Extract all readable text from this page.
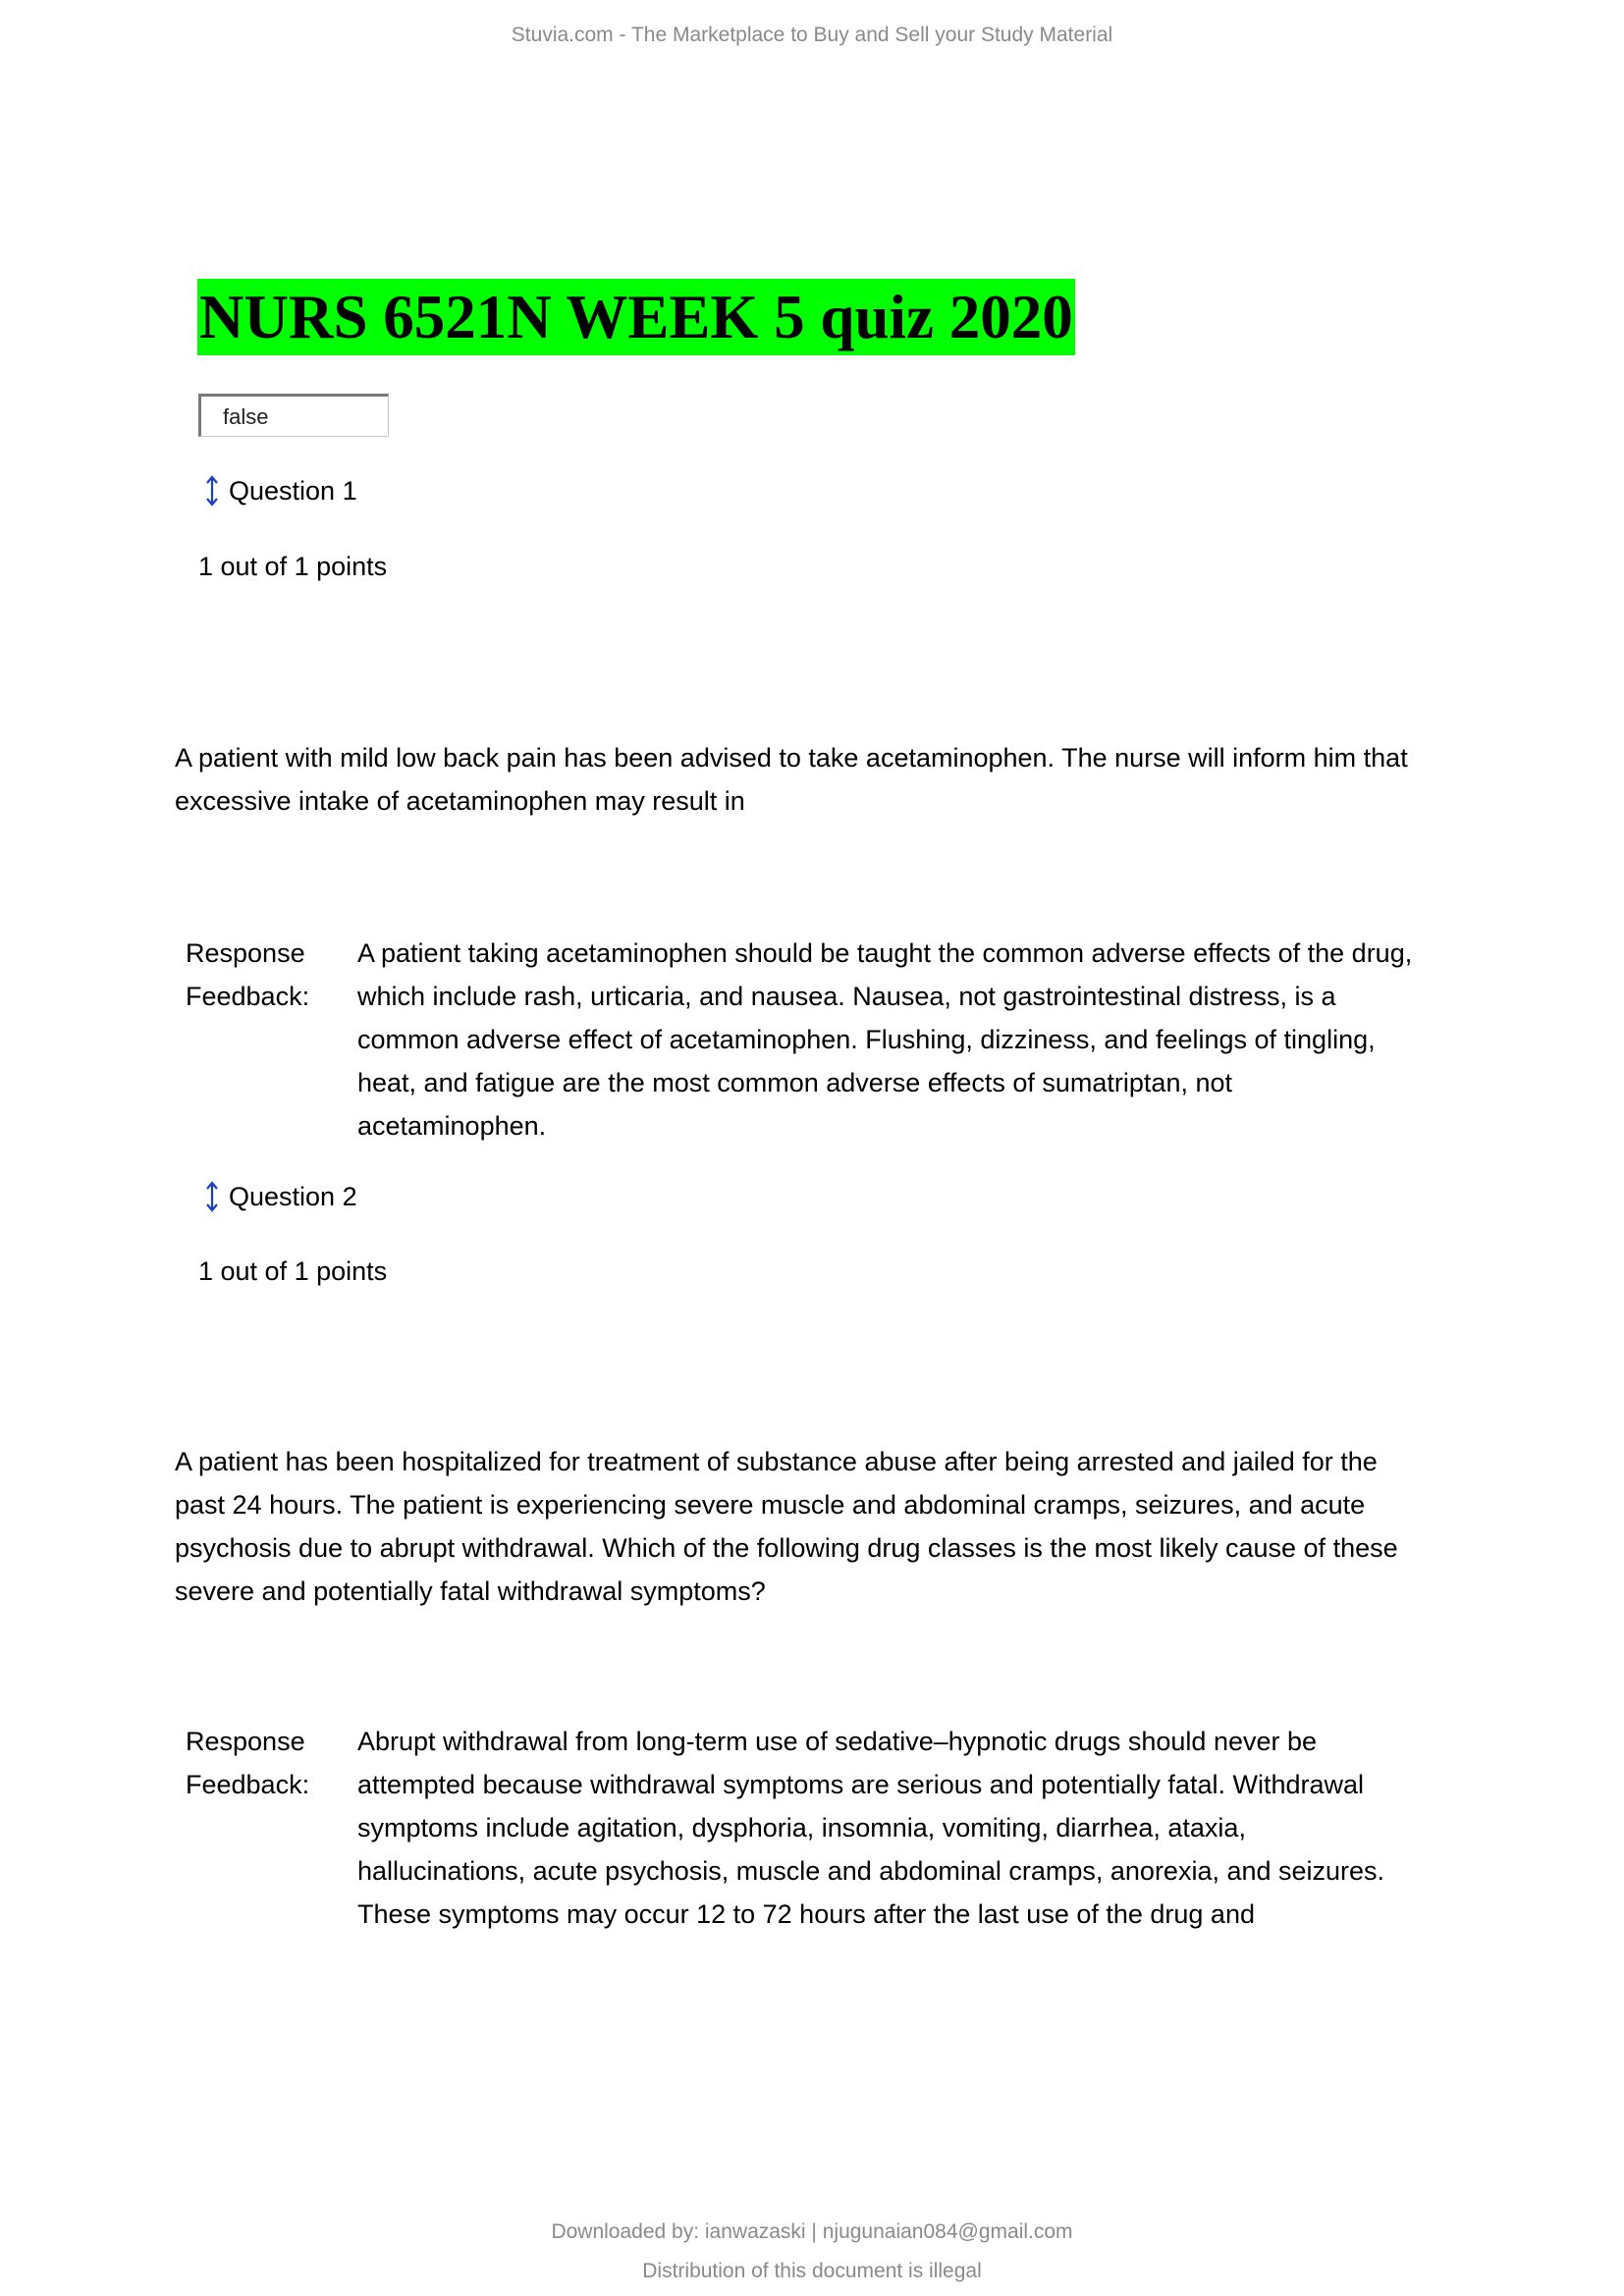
Stuvia.com - The Marketplace to Buy and Sell your Study Material
NURS 6521N WEEK 5 quiz 2020
false
Question 1
1 out of 1 points
A patient with mild low back pain has been advised to take acetaminophen. The nurse will inform him that excessive intake of acetaminophen may result in
Response Feedback:
A patient taking acetaminophen should be taught the common adverse effects of the drug, which include rash, urticaria, and nausea. Nausea, not gastrointestinal distress, is a common adverse effect of acetaminophen. Flushing, dizziness, and feelings of tingling, heat, and fatigue are the most common adverse effects of sumatriptan, not acetaminophen.
Question 2
1 out of 1 points
A patient has been hospitalized for treatment of substance abuse after being arrested and jailed for the past 24 hours. The patient is experiencing severe muscle and abdominal cramps, seizures, and acute psychosis due to abrupt withdrawal. Which of the following drug classes is the most likely cause of these severe and potentially fatal withdrawal symptoms?
Response Feedback:
Abrupt withdrawal from long-term use of sedative–hypnotic drugs should never be attempted because withdrawal symptoms are serious and potentially fatal. Withdrawal symptoms include agitation, dysphoria, insomnia, vomiting, diarrhea, ataxia, hallucinations, acute psychosis, muscle and abdominal cramps, anorexia, and seizures. These symptoms may occur 12 to 72 hours after the last use of the drug and
Downloaded by: ianwazaski | njugunaian084@gmail.com
Distribution of this document is illegal
